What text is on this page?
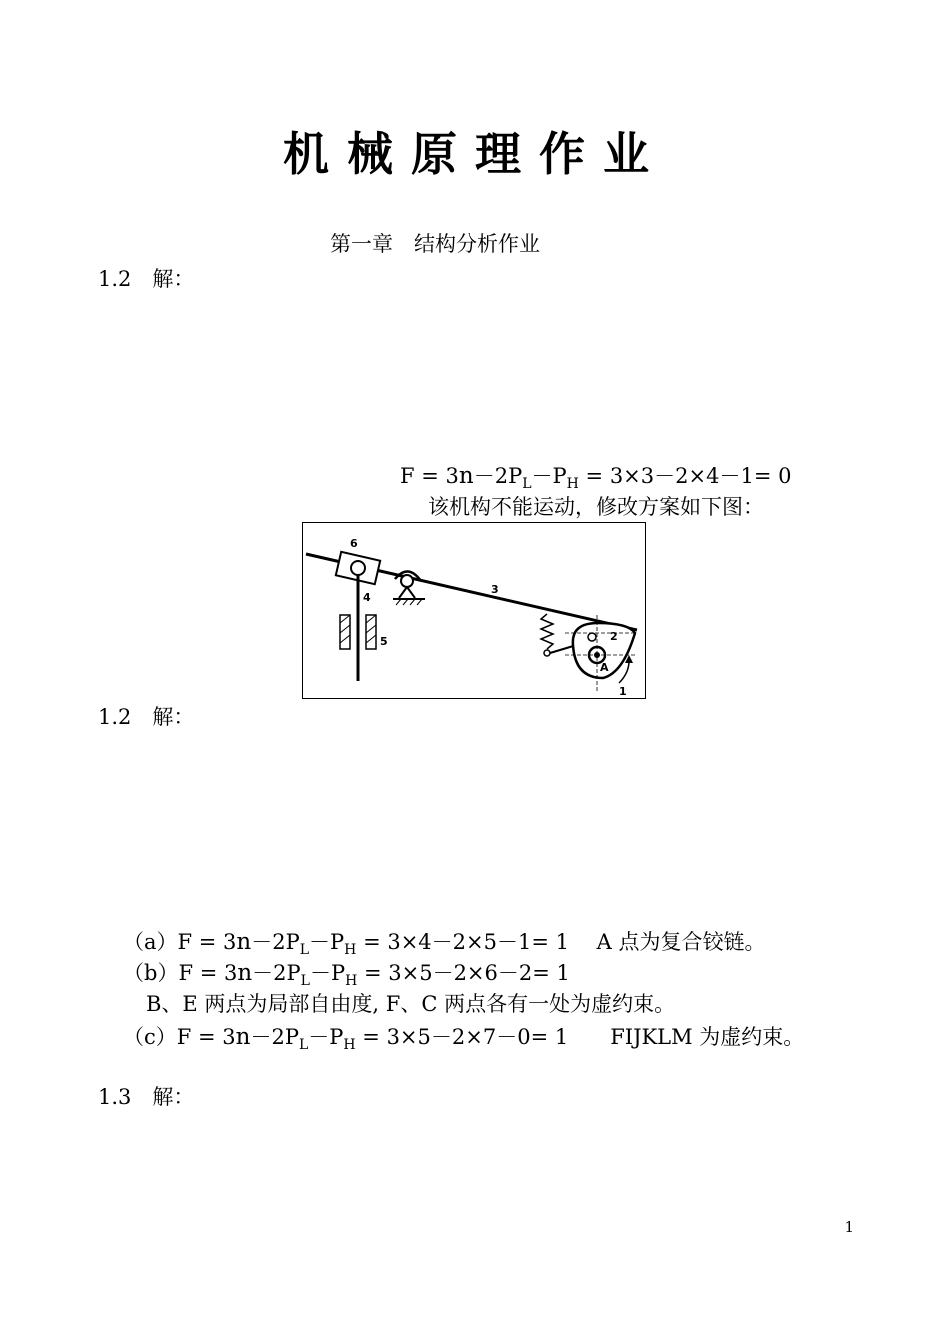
机械原理作业
第一章　结构分析作业
1.2　解：
$F = 3n-2P_L-P_H = 3\times 3-2\times 4-1= 0$
该机构不能运动，修改方案如下图：
6
4
5
3
2
A
1
1.2　解：
$(a)F = 3n-2P_L-P_H = 3\times 4-2\times 5-1= 1$　 A 点为复合铰链。
$(b)F = 3n-2P_L-P_H = 3\times 5-2\times 6-2= 1$
B、E 两点为局部自由度, F、C 两点各有一处为虚约束。
$(c)F = 3n-2P_L-P_H = 3\times 5-2\times 7-0= 1$　　FIJKLM 为虚约束。
1.3　解：
1
